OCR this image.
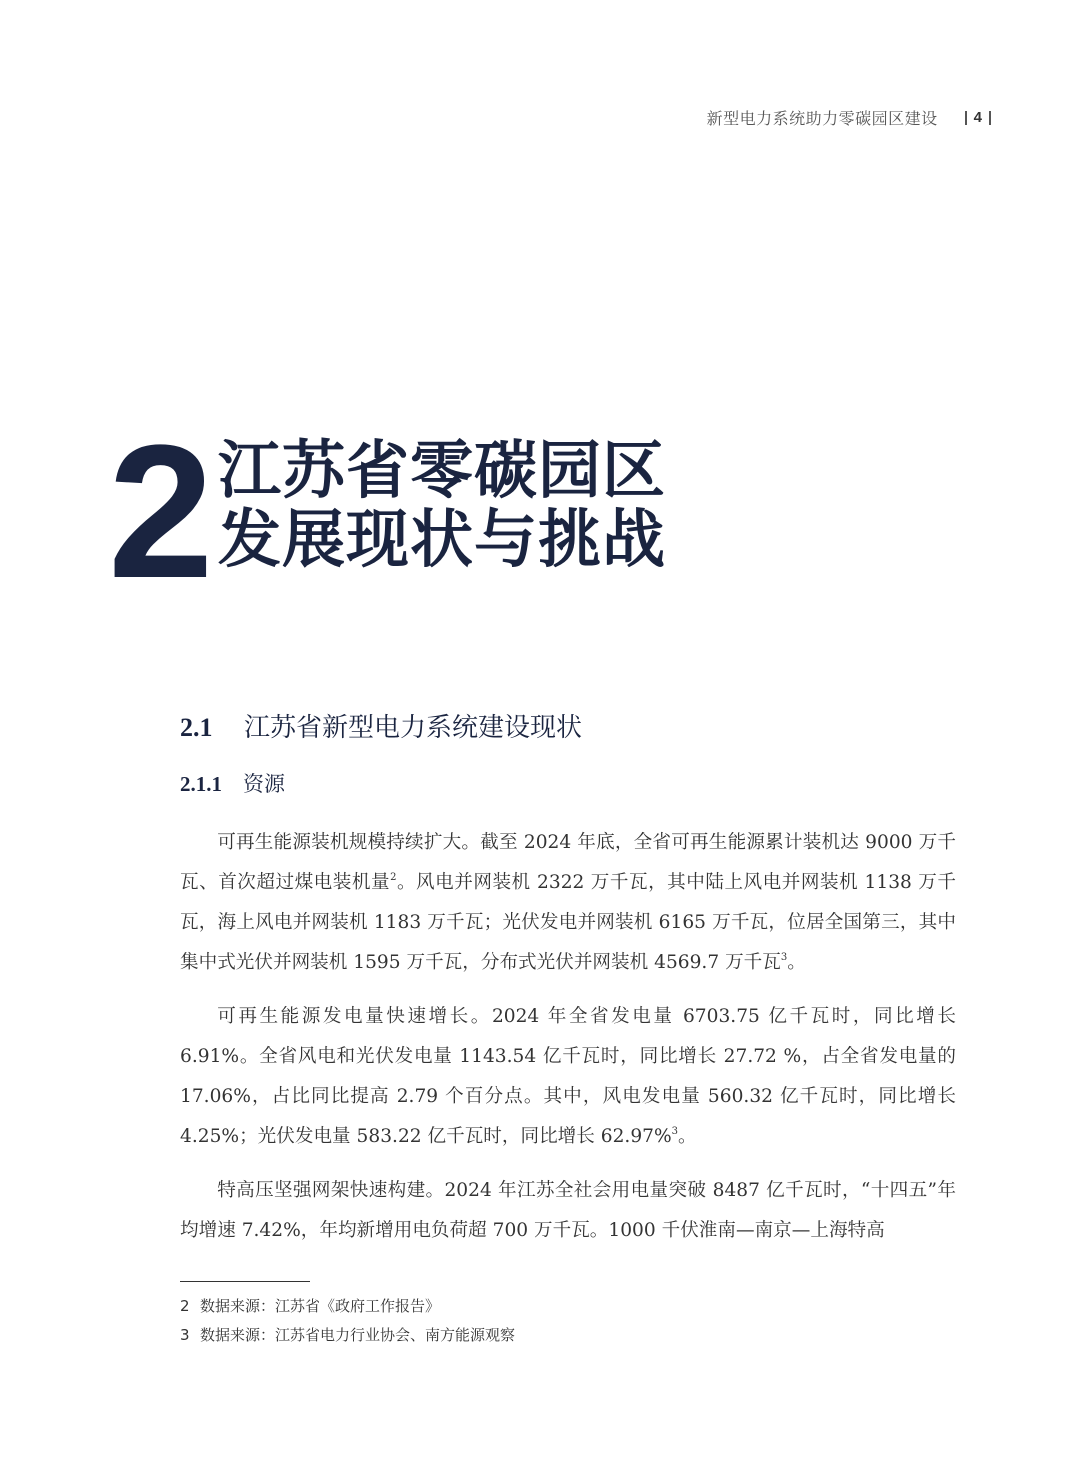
新型电力系统助力零碳园区建设 4
2 江苏省零碳园区
发展现状与挑战
2.1	江苏省新型电力系统建设现状
2.1.1	资源

可再生能源装机规模持续扩大。截至 2024 年底，全省可再生能源累计装机达 9000 万千瓦、首次超过煤电装机量$^2$。风电并网装机 2322 万千瓦，其中陆上风电并网装机 1138 万千瓦，海上风电并网装机 1183 万千瓦；光伏发电并网装机 6165 万千瓦，位居全国第三，其中集中式光伏并网装机 1595 万千瓦，分布式光伏并网装机 4569.7 万千瓦$^3$。

可再生能源发电量快速增长。2024 年全省发电量 6703.75 亿千瓦时，同比增长 6.91%。全省风电和光伏发电量 1143.54 亿千瓦时，同比增长 27.72 %，占全省发电量的 17.06%，占比同比提高 2.79 个百分点。其中，风电发电量 560.32 亿千瓦时，同比增长 4.25%；光伏发电量 583.22 亿千瓦时，同比增长 62.97%$^3$。

特高压坚强网架快速构建。2024 年江苏全社会用电量突破 8487 亿千瓦时，“十四五”年均增速 7.42%，年均新增用电负荷超 700 万千瓦。1000 千伏淮南—南京—上海特高

2 数据来源：江苏省《政府工作报告》
3 数据来源：江苏省电力行业协会、南方能源观察
